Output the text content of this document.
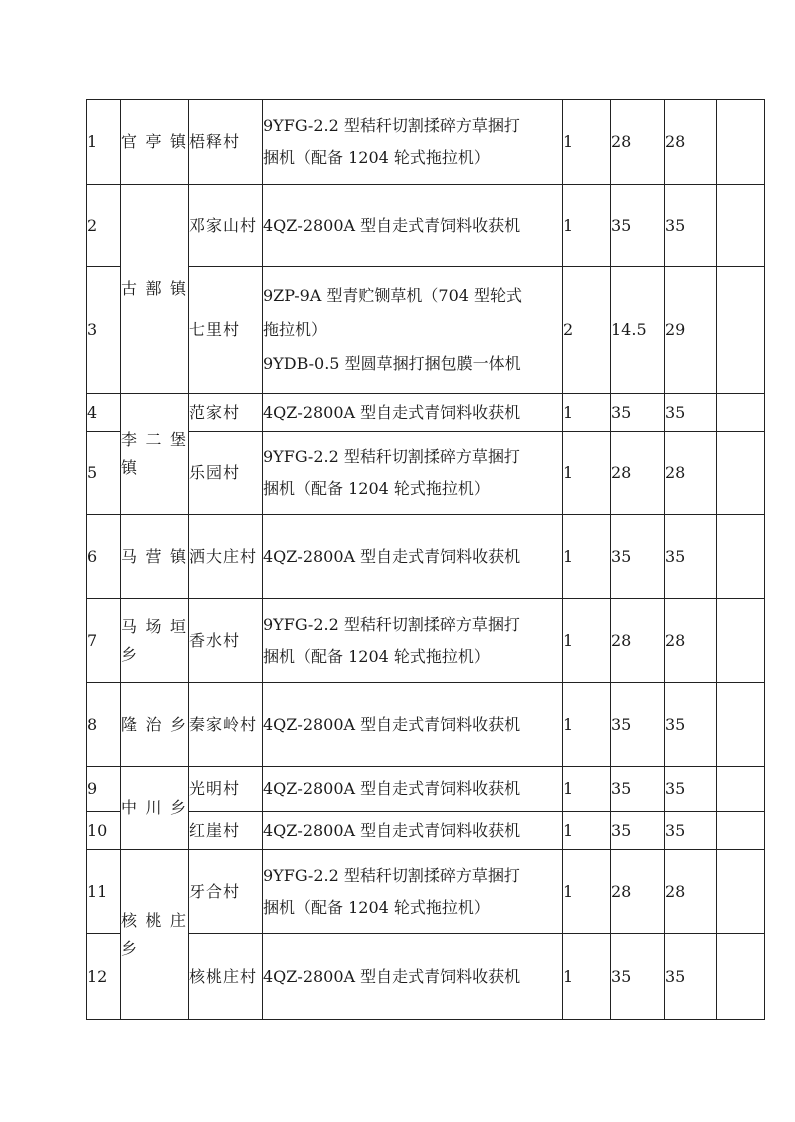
1	官亭镇	梧释村	9YFG-2.2 型秸秆切割揉碎方草捆打
捆机（配备 1204 轮式拖拉机）	1	28	28	
2	古鄯镇	邓家山村	4QZ-2800A 型自走式青饲料收获机	1	35	35	
3		七里村	9ZP-9A 型青贮铡草机（704 型轮式
拖拉机）
9YDB-0.5 型圆草捆打捆包膜一体机	2	14.5	29	
4	李二堡镇	范家村	4QZ-2800A 型自走式青饲料收获机	1	35	35	
5		乐园村	9YFG-2.2 型秸秆切割揉碎方草捆打
捆机（配备 1204 轮式拖拉机）	1	28	28	
6	马营镇	洒大庄村	4QZ-2800A 型自走式青饲料收获机	1	35	35	
7	马场垣乡	香水村	9YFG-2.2 型秸秆切割揉碎方草捆打
捆机（配备 1204 轮式拖拉机）	1	28	28	
8	隆治乡	秦家岭村	4QZ-2800A 型自走式青饲料收获机	1	35	35	
9	中川乡	光明村	4QZ-2800A 型自走式青饲料收获机	1	35	35	
10		红崖村	4QZ-2800A 型自走式青饲料收获机	1	35	35	
11	核桃庄乡	牙合村	9YFG-2.2 型秸秆切割揉碎方草捆打
捆机（配备 1204 轮式拖拉机）	1	28	28	
12		核桃庄村	4QZ-2800A 型自走式青饲料收获机	1	35	35	
